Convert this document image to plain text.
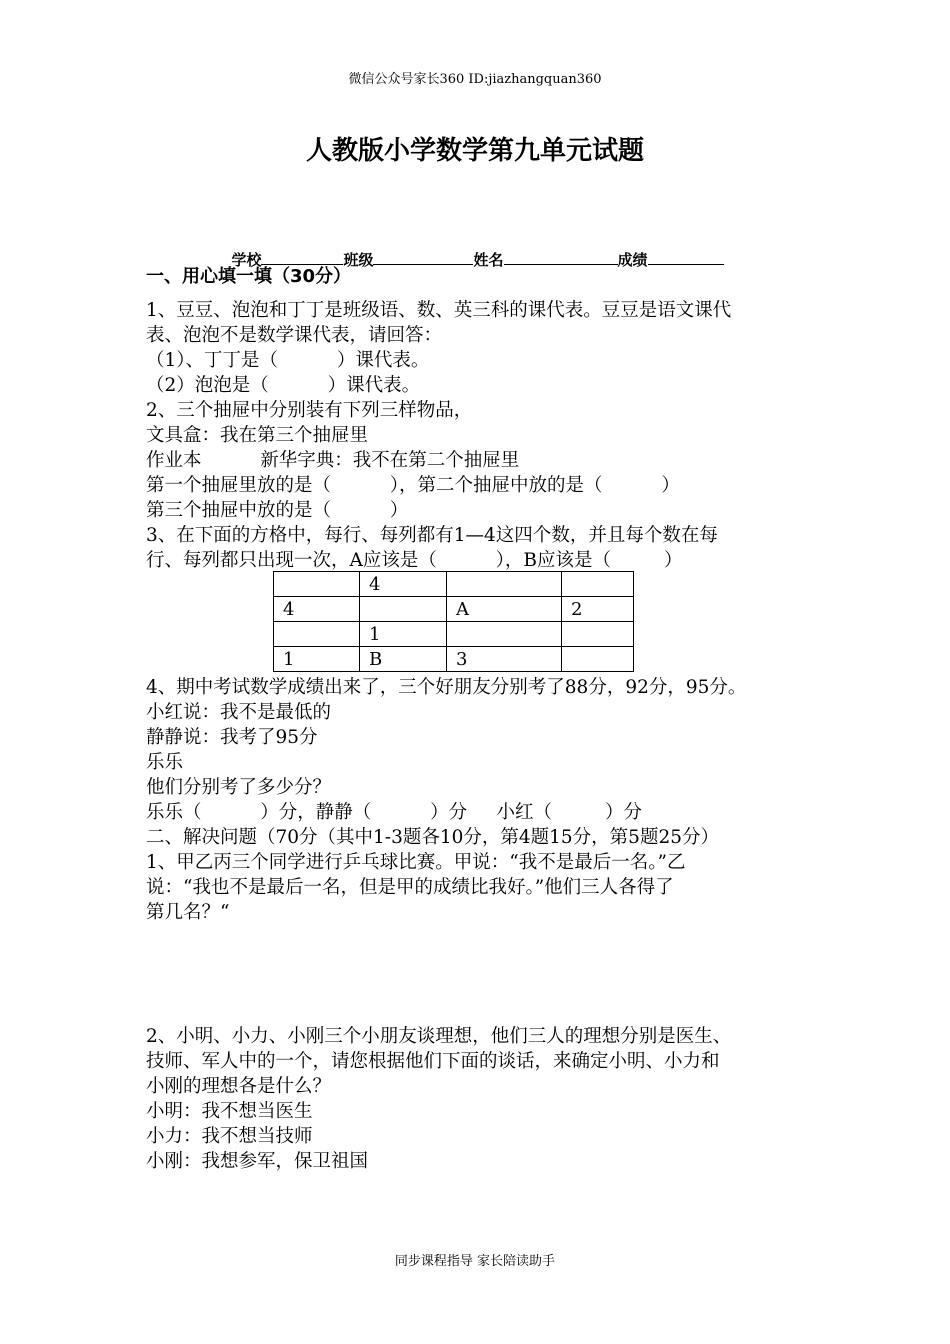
微信公众号家长360 ID:jiazhangquan360
人教版小学数学第九单元试题

学校	班级	姓名	成绩

一、用心填一填（30分）
1、豆豆、泡泡和丁丁是班级语、数、英三科的课代表。豆豆是语文课代
表、泡泡不是数学课代表，请回答：
（1）、丁丁是（          ）课代表。
（2）泡泡是（          ）课代表。
2、三个抽屉中分别装有下列三样物品，
文具盒：我在第三个抽屉里
作业本          新华字典：我不在第二个抽屉里
第一个抽屉里放的是（          ），第二个抽屉中放的是（          ）
第三个抽屉中放的是（          ）
3、在下面的方格中，每行、每列都有1—4这四个数，并且每个数在每
行、每列都只出现一次，A应该是（          ），B应该是（         ）
	4		
4		A	2
	1		
1	B	3	
4、期中考试数学成绩出来了，三个好朋友分别考了88分，92分，95分。
小红说：我不是最低的
静静说：我考了95分
乐乐
他们分别考了多少分？
乐乐（          ）分，静静（          ）分     小红（         ）分
二、解决问题（70分（其中1-3题各10分，第4题15分，第5题25分）
1、甲乙丙三个同学进行乒乓球比赛。甲说：“我不是最后一名。”乙
说：“我也不是最后一名，但是甲的成绩比我好。”他们三人各得了
第几名？“
2、小明、小力、小刚三个小朋友谈理想，他们三人的理想分别是医生、
技师、军人中的一个，请您根据他们下面的谈话，来确定小明、小力和
小刚的理想各是什么？
小明：我不想当医生
小力：我不想当技师
小刚：我想参军，保卫祖国
同步课程指导 家长陪读助手
